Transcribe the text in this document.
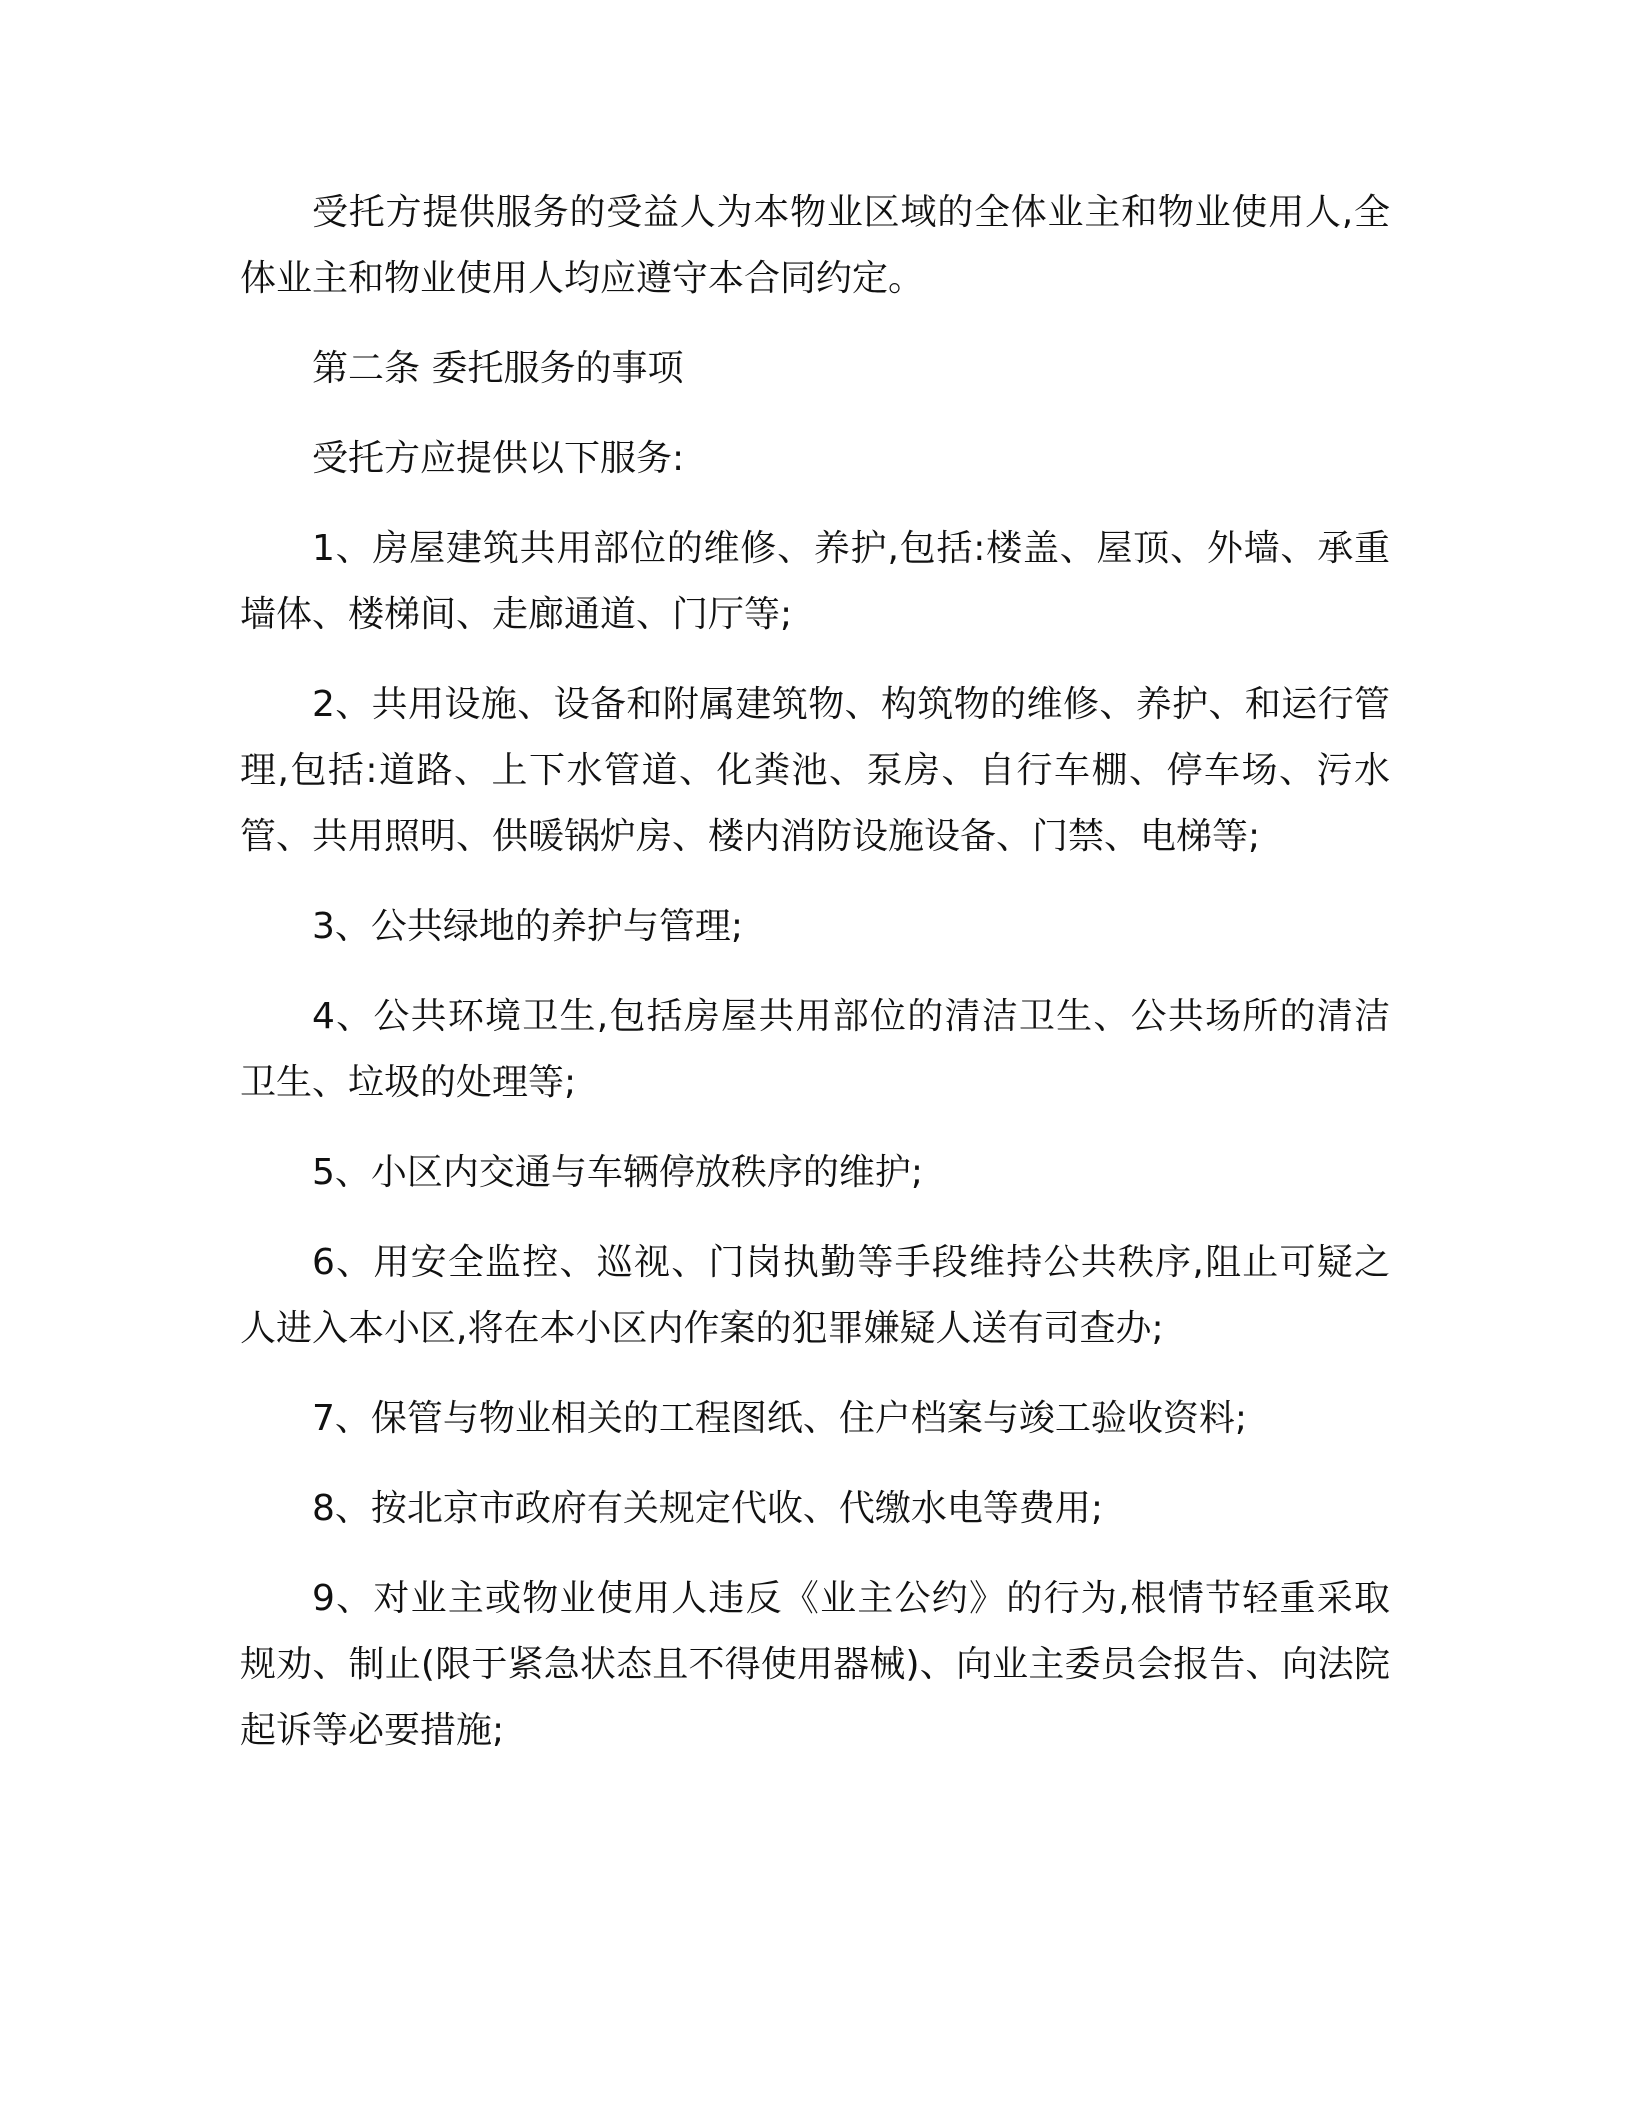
受托方提供服务的受益人为本物业区域的全体业主和物业使用人,全体业主和物业使用人均应遵守本合同约定。

第二条 委托服务的事项

受托方应提供以下服务:

1、房屋建筑共用部位的维修、养护,包括:楼盖、屋顶、外墙、承重墙体、楼梯间、走廊通道、门厅等;

2、共用设施、设备和附属建筑物、构筑物的维修、养护、和运行管理,包括:道路、上下水管道、化粪池、泵房、自行车棚、停车场、污水管、共用照明、供暖锅炉房、楼内消防设施设备、门禁、电梯等;

3、公共绿地的养护与管理;

4、公共环境卫生,包括房屋共用部位的清洁卫生、公共场所的清洁卫生、垃圾的处理等;

5、小区内交通与车辆停放秩序的维护;

6、用安全监控、巡视、门岗执勤等手段维持公共秩序,阻止可疑之人进入本小区,将在本小区内作案的犯罪嫌疑人送有司查办;

7、保管与物业相关的工程图纸、住户档案与竣工验收资料;

8、按北京市政府有关规定代收、代缴水电等费用;

9、对业主或物业使用人违反《业主公约》的行为,根情节轻重采取规劝、制止(限于紧急状态且不得使用器械)、向业主委员会报告、向法院起诉等必要措施;
